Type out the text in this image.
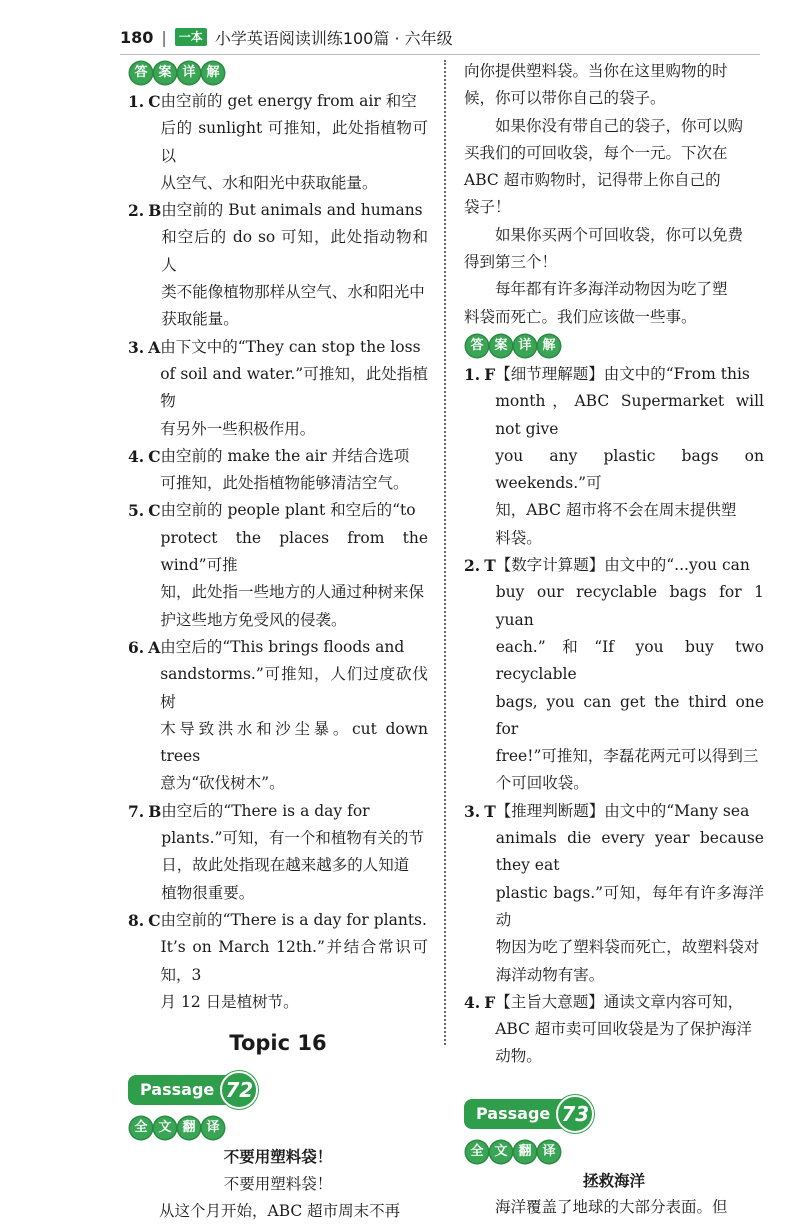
180 |	一本 小学英语阅读训练100篇 · 六年级
答 案 详 解
1. C 由空前的 get energy from air 和空
后的 sunlight 可推知，此处指植物可以
从空气、水和阳光中获取能量。
2. B 由空前的 But animals and humans
和空后的 do so 可知，此处指动物和人
类不能像植物那样从空气、水和阳光中
获取能量。
3. A 由下文中的“They can stop the loss
of soil and water.”可推知，此处指植物
有另外一些积极作用。
4. C 由空前的 make the air 并结合选项
可推知，此处指植物能够清洁空气。
5. C 由空前的 people plant 和空后的“to
protect the places from the wind”可推
知，此处指一些地方的人通过种树来保
护这些地方免受风的侵袭。
6. A 由空后的“This brings floods and
sandstorms.”可推知，人们过度砍伐树
木导致洪水和沙尘暴。cut down trees
意为“砍伐树木”。
7. B 由空后的“There is a day for
plants.”可知，有一个和植物有关的节
日，故此处指现在越来越多的人知道
植物很重要。
8. C 由空前的“There is a day for plants.
It’s on March 12th.”并结合常识可知，3
月 12 日是植树节。
Topic 16
Passage 72
全 文 翻 译
不要用塑料袋！
不要用塑料袋！
从这个月开始，ABC 超市周末不再
向你提供塑料袋。当你在这里购物的时
候，你可以带你自己的袋子。
如果你没有带自己的袋子，你可以购
买我们的可回收袋，每个一元。下次在
ABC 超市购物时，记得带上你自己的
袋子！
如果你买两个可回收袋，你可以免费
得到第三个！
每年都有许多海洋动物因为吃了塑
料袋而死亡。我们应该做一些事。
答 案 详 解
1. F 【细节理解题】由文中的“From this
month，ABC Supermarket will not give
you any plastic bags on weekends.”可
知，ABC 超市将不会在周末提供塑
料袋。
2. T 【数字计算题】由文中的“...you can
buy our recyclable bags for 1 yuan
each.”和“If you buy two recyclable
bags, you can get the third one for
free!”可推知，李磊花两元可以得到三
个可回收袋。
3. T 【推理判断题】由文中的“Many sea
animals die every year because they eat
plastic bags.”可知，每年有许多海洋动
物因为吃了塑料袋而死亡，故塑料袋对
海洋动物有害。
4. F 【主旨大意题】通读文章内容可知，
ABC 超市卖可回收袋是为了保护海洋
动物。
Passage 73
全 文 翻 译
拯救海洋
海洋覆盖了地球的大部分表面。但
